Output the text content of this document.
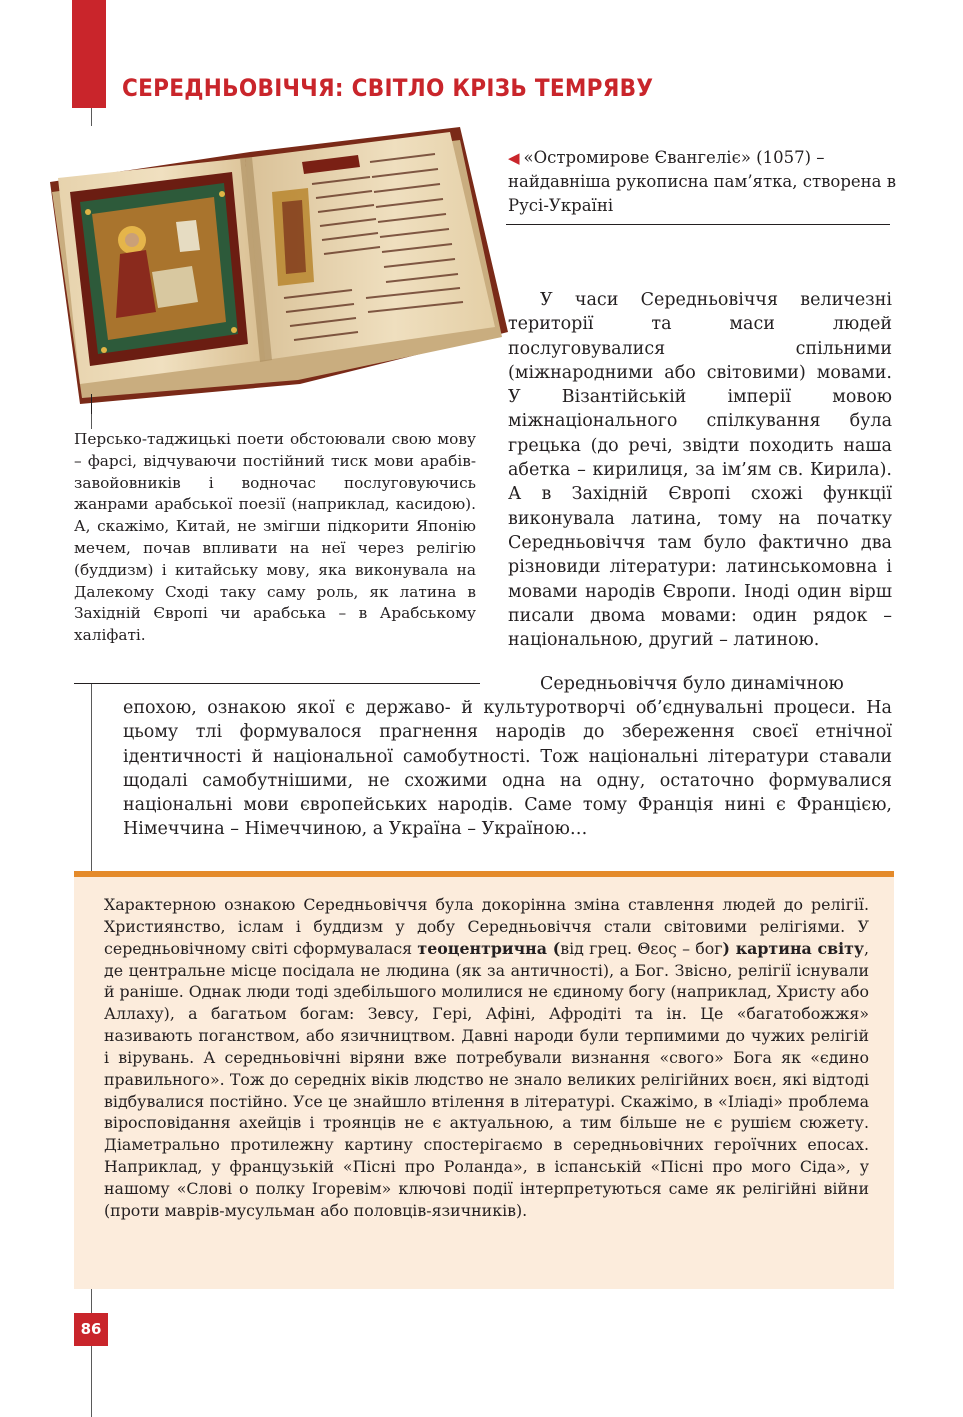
СЕРЕДНЬОВІЧЧЯ: СВІТЛО КРІЗЬ ТЕМРЯВУ
◀ «Остромирове Євангеліє» (1057) – найдавніша рукописна пам’ятка, створена в Русі-Україні

У часи Середньовіччя величезні території та маси людей послуговувалися спільними (міжнародними або світовими) мовами. У Візантійській імперії мовою міжнаціонального спілкування була грецька (до речі, звідти походить наша абетка – кирилиця, за ім’ям св. Кирила). А в Західній Європі схожі функції виконувала латина, тому на початку Середньовіччя там було фактично два різновиди літератури: латинськомовна і мовами народів Європи. Іноді один вірш писали двома мовами: один рядок – національною, другий – латиною.

Персько-таджицькі поети обстоювали свою мову – фарсі, відчуваючи постійний тиск мови арабів-завойовників і водночас послуговуючись жанрами арабської поезії (наприклад, касидою). А, скажімо, Китай, не змігши підкорити Японію мечем, почав впливати на неї через релігію (буддизм) і китайську мову, яка виконувала на Далекому Сході таку саму роль, як латина в Західній Європі чи арабська – в Арабському халіфаті.

Середньовіччя було динамічною
епохою, ознакою якої є державо- й культуротворчі об’єднувальні процеси. На цьому тлі формувалося прагнення народів до збереження своєї етнічної ідентичності й національної самобутності. Тож національні літератури ставали щодалі самобутнішими, не схожими одна на одну, остаточно формувалися національні мови європейських народів. Саме тому Франція нині є Францією, Німеччина – Німеччиною, а Україна – Україною…

Характерною ознакою Середньовіччя була докорінна зміна ставлення людей до релігії. Християнство, іслам і буддизм у добу Середньовіччя стали світовими релігіями. У середньовічному світі сформувалася теоцентрична (від грец. Θεος – бог) картина світу, де центральне місце посідала не людина (як за античності), а Бог. Звісно, релігії існували й раніше. Однак люди тоді здебільшого молилися не єдиному богу (наприклад, Христу або Аллаху), а багатьом богам: Зевсу, Гері, Афіні, Афродіті та ін. Це «багатобожжя» називають поганством, або язичництвом. Давні народи були терпимими до чужих релігій і вірувань. А середньовічні віряни вже потребували визнання «свого» Бога як «єдино правильного». Тож до середніх віків людство не знало великих релігійних воєн, які відтоді відбувалися постійно. Усе це знайшло втілення в літературі. Скажімо, в «Іліаді» проблема віросповідання ахейців і троянців не є актуальною, а тим більше не є рушієм сюжету. Діаметрально протилежну картину спостерігаємо в середньовічних героїчних епосах. Наприклад, у французькій «Пісні про Роланда», в іспанській «Пісні про мого Сіда», у нашому «Слові о полку Ігоревім» ключові події інтерпретуються саме як релігійні війни (проти маврів-мусульман або половців-язичників).

86
